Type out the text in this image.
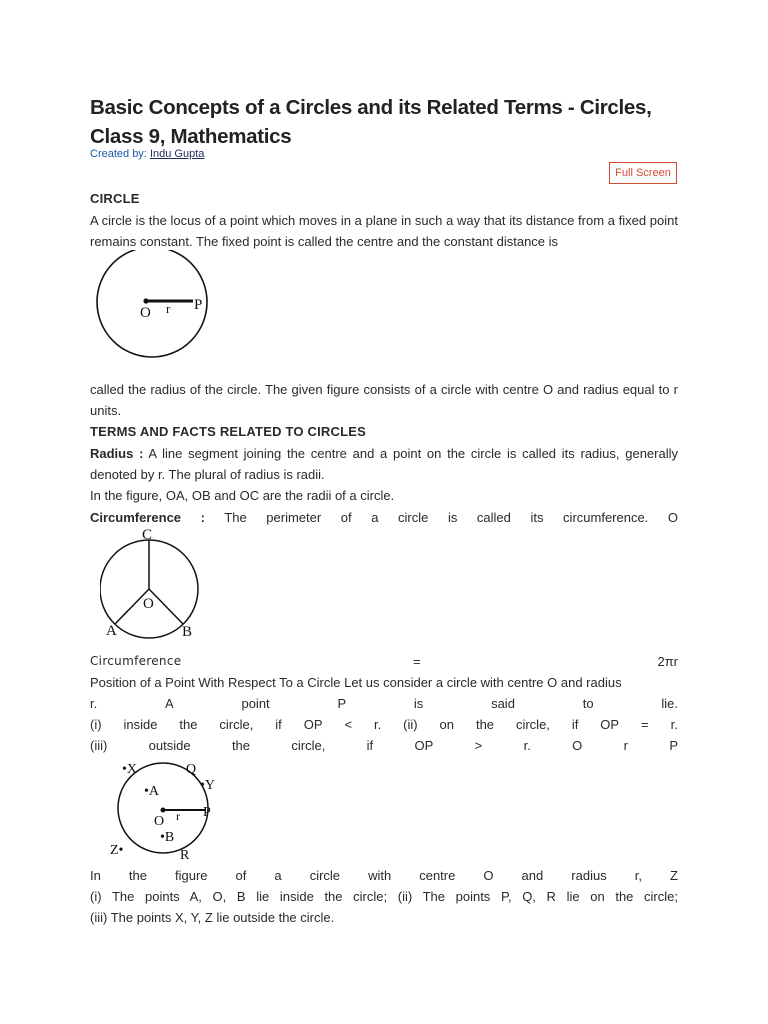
Basic Concepts of a Circles and its Related Terms - Circles, Class 9, Mathematics
Created by: Indu Gupta
Full Screen
CIRCLE
A circle is the locus of a point which moves in a plane in such a way that its distance from a fixed point remains constant. The fixed point is called the centre and the constant distance is
O r P
called the radius of the circle. The given figure consists of a circle with centre O and radius equal to r units.
TERMS AND FACTS RELATED TO CIRCLES
Radius : A line segment joining the centre and a point on the circle is called its radius, generally denoted by r. The plural of radius is radii.
In the figure, OA, OB and OC are the radii of a circle.
Circumference : The perimeter of a circle is called its circumference. O
C
O
A	B
Circumference	=	2πr
Position of a Point With Respect To a Circle Let us consider a circle with centre O and radius
r.	A	point	P	is	said	to	lie.
(i) inside the circle, if OP < r. (ii) on the circle, if OP = r.
(iii)	outside	the	circle,	if	OP	>	r.	O	r	P
•X	Q
•Y
•A
P
O r
•B
Z•	R
In the figure of a circle with centre O and radius r, Z
(i) The points A, O, B lie inside the circle; (ii) The points P, Q, R lie on the circle;
(iii) The points X, Y, Z lie outside the circle.
